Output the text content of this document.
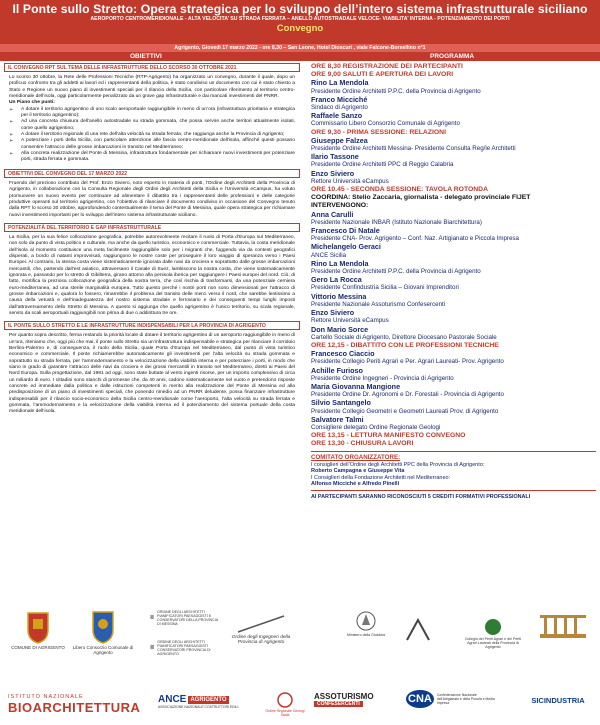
Il Ponte sullo Stretto: Opera strategica per lo sviluppo dell’intero sistema infrastrutturale siciliano
AEROPORTO CENTROMERIDIONALE - ALTA VELOCITA’ SU STRADA FERRATA – ANELLO AUTOSTRADALE VELOCE- VIABILITA’ INTERNA - POTENZIAMENTO DEI PORTI
Convegno
Agrigento, Giovedì 17 marzo 2022 - ore 8,30 – San Leone, Hotel Dioscuri , viale Falcone-Borsellino n°1
OBIETTIVI	PROGRAMMA
IL CONVEGNO RPT SUL TEMA DELLE INFRASTRUTTURE DELLO SCORSO 30 OTTOBRE 2021
Lo scorso 30 ottobre, la Rete delle Professioni Tecniche (RTP-Agrigento) ha organizzato un convegno, durante il quale, dopo un proficuo confronto tra gli addetti ai lavori ed i rappresentanti della politica, è stato condiviso un documento con cui è stato chiesto a Stato e Regione un nuovo piano di investimenti speciali per il rilancio della Sicilia, con particolare riferimento al territorio centro-meridionale dell’isola, oggi particolarmente penalizzato da un grave gap infrastrutturale e dai mancati investimenti del PNRR.
Un Piano che punti:
➢ A dotare il territorio agrigentino di uno scalo aeroportuale raggiungibile in meno di un’ora (infrastruttura prioritaria e strategica per il territorio agrigentino);
➢ Ad una concreta chiusura dell’anello autostradale su strada gommata, che possa servire anche territori attualmente isolati, come quello agrigentino;
➢ A dotare il territorio regionale di una rete dell’alta velocità su strada ferrata, che raggiunga anche la Provincia di Agrigento;
➢ A potenziare i porti della Sicilia, con particolare attenzione alle fascia centro-meridionale dell’isola, affinché questi possano consentire l’attracco delle grosse imbarcazioni in transito nel Mediterraneo;
➢ Alla concreta realizzazione del Ponte di Messina, infrastruttura fondamentale per richiamare nuovi investimenti per potenziare porti, strada ferrata e gommata.
OBIETTIVI DEL CONVEGNO DEL 17 MARZO 2022
Fruendo del prezioso contributo del Prof. Enzo Siviero, noto esperto in materia di ponti, l’Ordine degli Architetti della Provincia di Agrigento, in collaborazione con la Consulta Regionale degli Ordini degli Architetti della Sicilia e l’Università eCampus, ha voluto promuovere un nuovo evento per continuare ad alimentare il dibattito tra i rappresentanti delle professioni e delle categorie produttive operanti sul territorio agrigentino, con l’obiettivo di rilanciare il documento condiviso in occasione del Convegno tenuto dalla RPT lo scorso 30 ottobre, approfondendo contestualmente il tema del Ponte di Messina, quale opera strategica per richiamare nuovi investimenti importanti per lo sviluppo dell’intero sistema infrastrutturale siciliano.
POTENZIALITÀ DEL TERRITORIO E GAP INFRASTRUTTURALE
La Sicilia, per la sua felice collocazione geografica, potrebbe autorevolmente recitare il ruolo di Porta d’Europa sul Mediterraneo, non solo da punto di vista politico e culturale, ma anche da quello turistico, economico e commerciale. Tuttavia, la costa meridionale dell’isola al momento costituisce una meta facilmente raggiungibile solo per i migranti che, fuggendo via da contesti geografici disperati, a bordo di natanti improvvisati, raggiungono le nostre coste per proseguire il loro viaggio di speranza verso i Paesi Europei. Al contrario, la stessa costa viene sistematicamente ignorata dalle navi da crociera e soprattutto dalle grosse imbarcazioni mercantili, che, partendo dall’est asiatico, attraversano il Canale di Suez, lambiscono la nostra costa, che viene sistematicamente ignorata e, passando per lo stretto di Gibilterra, girano attorno alla penisola iberica per raggiungere i Paesi europei del nord. Ciò, di fatto, mortifica la preziosa collocazione geografica della nostra terra, che così rischia di trasformarsi, da una potenziale cerniera euro-mediterranea, ad una sterile marginalità europea. Tutto questo perché i nostri porti non sono dimensionati per l’attracco di grosse imbarcazioni e, qualora lo fossero, rimarrebbe il problema del transito delle merci verso il nord, che sarebbe lentissimo a causa della vetustà e dell’inadeguatezza del nostro sistema stradale e ferroviario e dei conseguenti tempi lunghi imposti dall’attraversamento dello Stretto di Messina. A questo si aggiunga che quello agrigentino è l’unico territorio, su scala regionale, servito da scali aeroportuali raggiungibili non prima di due o addirittura tre ore.
IL PONTE SULLO STRETTO E LE INFRASTRUTTURE INDISPENSABILI PER LA PROVINCIA DI AGRIGENTO
Per quanto sopra descritto, ferma restando la priorità locale di dotare il territorio agrigentino di un aeroporto raggiungibile in meno di un’ora, riteniamo che, oggi più che mai, il ponte sullo Stretto sia un’infrastruttura indispensabile e strategica per rilanciare il corridoio Berlino-Palermo e, di conseguenza, il ruolo della Sicilia, quale Porta d’Europa nel Mediterraneo, dal punto di vista turistico economico e commerciale. Il ponte richiamerebbe automaticamente gli investimenti per l’alta velocità su strada gommata e soprattutto su strada ferrata, per l’ammodernamento e la velocizzazione della viabilità interna e per potenziare i porti, in modo che siano in grado di garantire l’attracco delle navi da crociera e dei grossi mercantili in transito nel Mediterraneo, diretti ai Paesi del Nord Europa. Sulla progettazione, dal 1981 ad oggi, sono state buttate al vento ingenti risorse, per un importo complessivo di circa un miliardo di euro. I cittadini sono stanchi di promesse che, da 40 anni, cadono sistematicamente nel vuoto e pretendono risposte concrete ed immediate dalla politica e dalle istituzioni competenti in merito alla realizzazione del Ponte di Messina ed alla predisposizione di un piano di investimenti speciali, che ponendo rimedio ad un PNRR deludente, possa finanziare infrastrutture indispensabili per il rilancio socio-economico della Sicilia centro-meridionale come l’aeroporto, l’alta velocità su strada ferrata e gommata, l’ammodernamento e la velocizzazione della viabilità interna ed il potenziamento del sistema portuale della costa meridionale dell’isola.
ORE 8,30 REGISTRAZIONE DEI PARTECIPANTI
ORE 9,00 SALUTI E APERTURA DEI LAVORI
Rino La Mendola
Presidente Ordine Architetti P.P.C. della Provincia di Agrigento
Franco Micciché
Sindaco di Agrigento
Raffaele Sanzo
Commissario Libero Consorzio Comunale di Agrigento
ORE 9,30 - PRIMA SESSIONE: RELAZIONI
Giuseppe Falzea
Presidente Ordine Architetti Messina- Presidente Consulta Reg/le Architetti
Ilario Tassone
Presidente Ordine Architetti PPC di Reggio Calabria
Enzo Siviero
Rettore Università eCampus
ORE 10.45 - SECONDA SESSIONE: TAVOLA ROTONDA
COORDINA: Stelio Zaccaria, giornalista - delegato provinciale FIJET
INTERVENGONO:
Anna Carulli
Presidente Nazionale INBAR (Istituto Nazionale Biarchitettura)
Francesco Di Natale
Presidente CNA- Prov. Agrigento – Conf. Naz. Artigianato e Piccola Impresa
Michelangelo Geraci
ANCE Sicilia
Rino La Mendola
Presidente Ordine Architetti P.P.C. della Provincia di Agrigento
Gero La Rocca
Presidente Confindustria Sicilia – Giovani Imprenditori
Vittorio Messina
Presidente Nazionale Assoturismo Confesercenti
Enzo Siviero
Rettore Università eCampus
Don Mario Sorce
Cartello Sociale di Agrigento, Direttore Diocesano Pastorale Sociale
ORE 12,15 - DIBATTITO CON LE PROFESSIONI TECNICHE
Francesco Ciaccio
Presidente Collegio Periti Agrari e Per. Agrari Laureati- Prov. Agrigento
Achille Furioso
Presidente Ordine Ingegneri - Provincia di Agrigento
Maria Giovanna Mangione
Presidente Ordine Dr. Agronomi e Dr. Forestali - Provincia di Agrigento
Silvio Santangelo
Presidente Collegio Geometri e Geometri Laureati Prov. di Agrigento
Salvatore Talmi
Consigliere delegato Ordine Regionale Geologi
ORE 13,15 - LETTURA MANIFESTO CONVEGNO
ORE 13,30 - CHIUSURA LAVORI
COMITATO ORGANIZZATORE:
I consiglieri dell’Ordine degli Architetti PPC della Provincia di Agrigento:
Roberto Campagna e Giuseppe Vita
I Consiglieri della Fondazione Architetti nel Mediterraneo:
Alfonso Micciché e Alfredo Pinelli
AI PARTECIPANTI SARANNO RICONOSCIUTI 5 CREDITI FORMATIVI PROFESSIONALI
COMUNE DI AGRIGENTO	Libero Consorzio Comunale di Agrigento
ORDINE DEGLI ARCHITETTI PIANIFICATORI PAESAGGISTI E CONSERVATORI DELLA PROVINCIA DI MESSINA
ORDINE DEGLI ARCHITETTI PIANIFICATORI PAESAGGISTI CONSERVATORI PROVINCIA DI AGRIGENTO
Ordine degli Ingegneri della Provincia di Agrigento
Ministero della Giustizia
Collegio dei Periti Agrari e dei Periti Agrari Laureati della Provincia di Agrigento
ISTITUTO NAZIONALE
BIOARCHITETTURA
ANCE AGRIGENTO
ASSOCIAZIONE NAZIONALE COSTRUTTORI EDILI
Ordine Regionale Geologi Sicilia
ASSOTURISMO
CONFESERCENTI	CNA	Confederazione Nazionale dell'Artigianato e della Piccola e Media Impresa	SICINDUSTRIA
